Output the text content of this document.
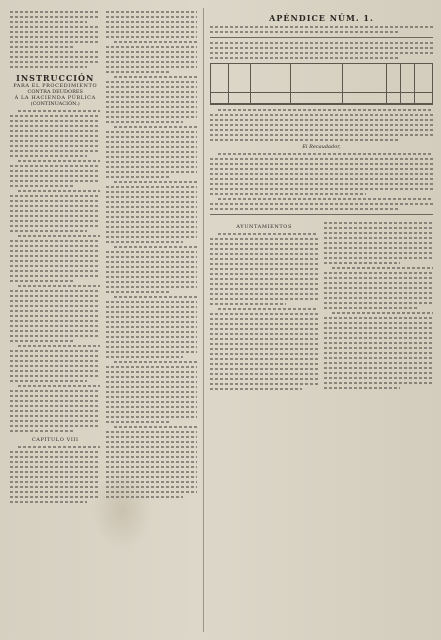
INSTRUCCIÓN
PARA EL PROCEDIMIENTO
CONTRA DEUDORES
Á LA HACIENDA PÚBLICA
(CONTINUACIÓN.)
CAPÍTULO VIII
APÉNDICE NÚM. 1.
El Recaudador,
AYUNTAMIENTOS
